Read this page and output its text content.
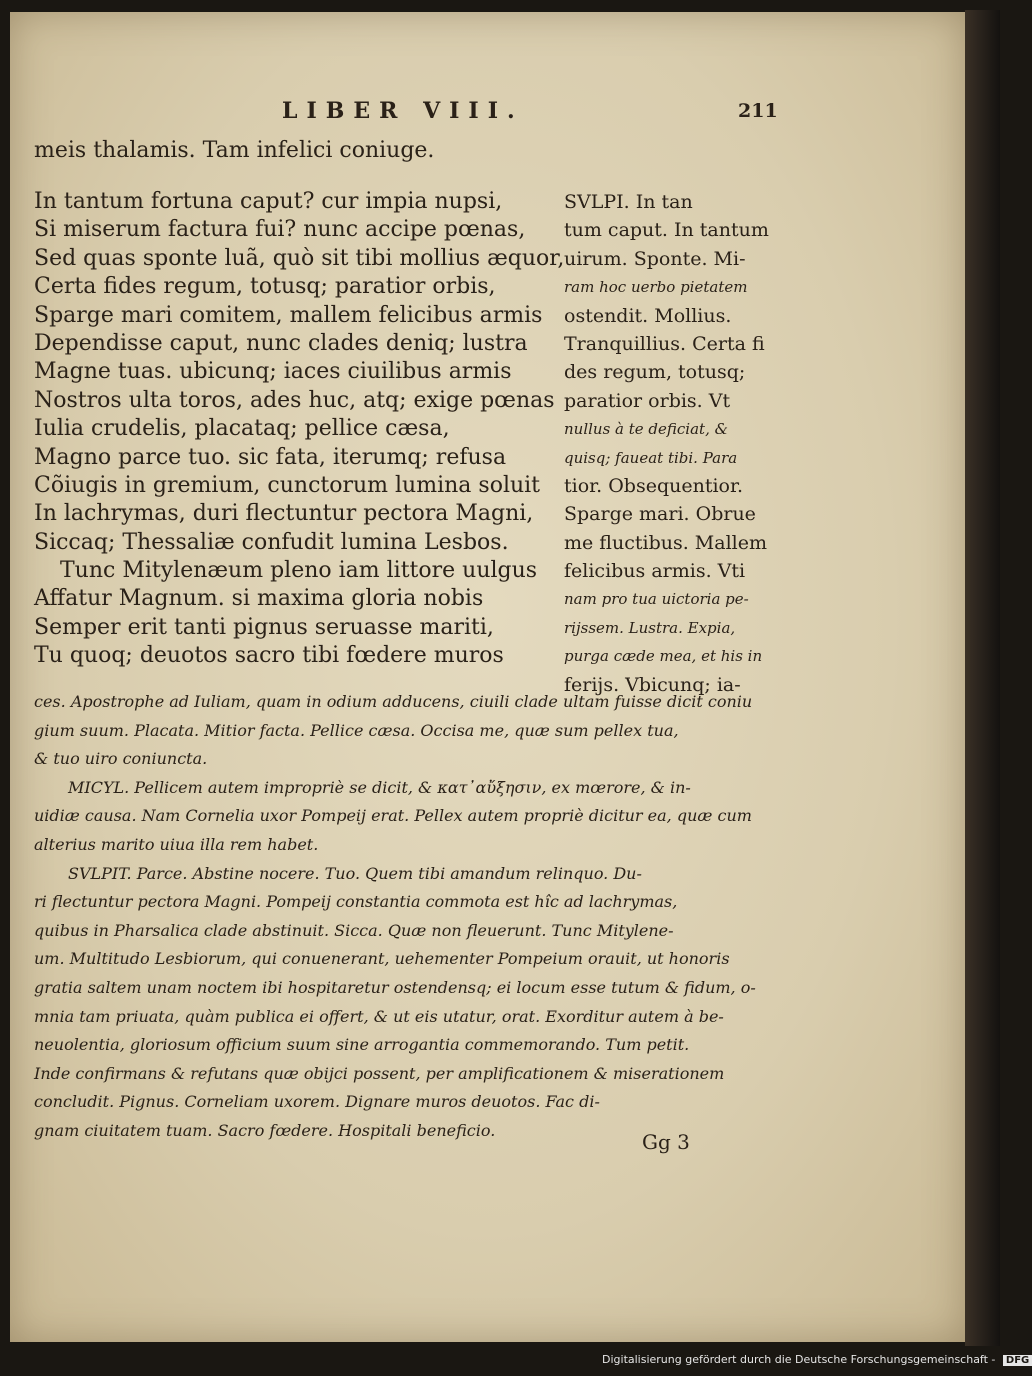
LIBER VIII.	211
meis thalamis. Tam infelici coniuge.
In tantum fortuna caput? cur impia nupsi,
Si miserum factura fui? nunc accipe pœnas,
Sed quas sponte luã, quò sit tibi mollius æquor,
Certa fides regum, totusq; paratior orbis,
Sparge mari comitem, mallem felicibus armis
Dependisse caput, nunc clades deniq; lustra
Magne tuas. ubicunq; iaces ciuilibus armis
Nostros ulta toros, ades huc, atq; exige pœnas
Iulia crudelis, placataq; pellice cæsa,
Magno parce tuo. sic fata, iterumq; refusa
Cõiugis in gremium, cunctorum lumina soluit
In lachrymas, duri flectuntur pectora Magni,
Siccaq; Thessaliæ confudit lumina Lesbos.
Tunc Mitylenæum pleno iam littore uulgus
Affatur Magnum. si maxima gloria nobis
Semper erit tanti pignus seruasse mariti,
Tu quoq; deuotos sacro tibi fœdere muros
SVLPI. In tan
tum caput. In tantum
uirum. Sponte. Mi-
ram hoc uerbo pietatem
ostendit. Mollius.
Tranquillius. Certa fi
des regum, totusq;
paratior orbis. Vt
nullus à te deficiat, &
quisq; faueat tibi. Para
tior. Obsequentior.
Sparge mari. Obrue
me fluctibus. Mallem
felicibus armis. Vti
nam pro tua uictoria pe-
rijssem. Lustra. Expia,
purga cæde mea, et his in
ferijs. Vbicunq; ia-
ces. Apostrophe ad Iuliam, quam in odium adducens, ciuili clade ultam fuisse dicit coniu
gium suum. Placata. Mitior facta. Pellice cæsa. Occisa me, quæ sum pellex tua,
& tuo uiro coniuncta.
MICYL. Pellicem autem impropriè se dicit, & κατ᾽αὔξησιν, ex mœrore, & in-
uidiæ causa. Nam Cornelia uxor Pompeij erat. Pellex autem propriè dicitur ea, quæ cum
alterius marito uiua illa rem habet.
SVLPIT. Parce. Abstine nocere. Tuo. Quem tibi amandum relinquo. Du-
ri flectuntur pectora Magni. Pompeij constantia commota est hîc ad lachrymas,
quibus in Pharsalica clade abstinuit. Sicca. Quæ non fleuerunt. Tunc Mitylene-
um. Multitudo Lesbiorum, qui conuenerant, uehementer Pompeium orauit, ut honoris
gratia saltem unam noctem ibi hospitaretur ostendensq; ei locum esse tutum & fidum, o-
mnia tam priuata, quàm publica ei offert, & ut eis utatur, orat. Exorditur autem à be-
neuolentia, gloriosum officium suum sine arrogantia commemorando. Tum petit.
Inde confirmans & refutans quæ obijci possent, per amplificationem & miserationem
concludit. Pignus. Corneliam uxorem. Dignare muros deuotos. Fac di-
gnam ciuitatem tuam. Sacro fœdere. Hospitali beneficio.	Gg 3
Digitalisierung gefördert durch die Deutsche Forschungsgemeinschaft - DFG
